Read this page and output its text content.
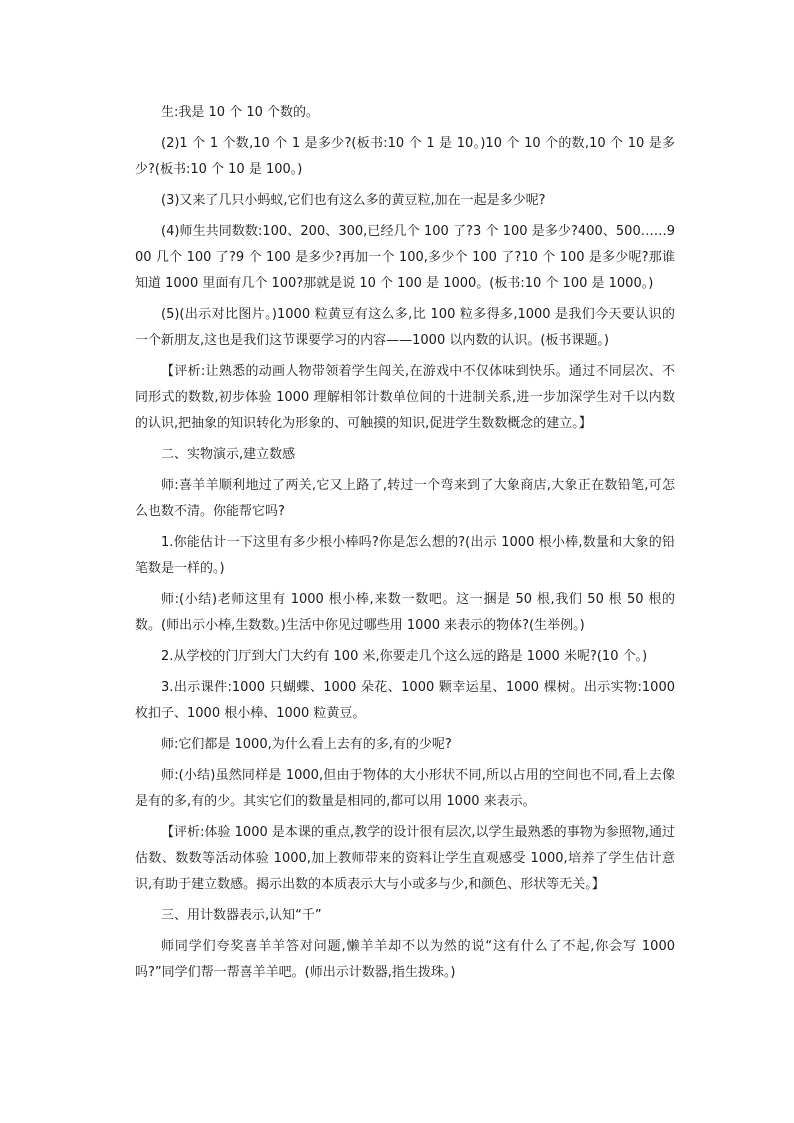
生:我是 10 个 10 个数的。

(2)1 个 1 个数,10 个 1 是多少?(板书:10 个 1 是 10。)10 个 10 个的数,10 个 10 是多少?(板书:10 个 10 是 100。)

(3)又来了几只小蚂蚁,它们也有这么多的黄豆粒,加在一起是多少呢?

(4)师生共同数数:100、200、300,已经几个 100 了?3 个 100 是多少?400、500……900 几个 100 了?9 个 100 是多少?再加一个 100,多少个 100 了?10 个 100 是多少呢?那谁知道 1000 里面有几个 100?那就是说 10 个 100 是 1000。(板书:10 个 100 是 1000。)

(5)(出示对比图片。)1000 粒黄豆有这么多,比 100 粒多得多,1000 是我们今天要认识的一个新朋友,这也是我们这节课要学习的内容——1000 以内数的认识。(板书课题。)

【评析:让熟悉的动画人物带领着学生闯关,在游戏中不仅体味到快乐。通过不同层次、不同形式的数数,初步体验 1000 理解相邻计数单位间的十进制关系,进一步加深学生对千以内数的认识,把抽象的知识转化为形象的、可触摸的知识,促进学生数数概念的建立。】

二、实物演示,建立数感

师:喜羊羊顺利地过了两关,它又上路了,转过一个弯来到了大象商店,大象正在数铅笔,可怎么也数不清。你能帮它吗?

1.你能估计一下这里有多少根小棒吗?你是怎么想的?(出示 1000 根小棒,数量和大象的铅笔数是一样的。)

师:(小结)老师这里有 1000 根小棒,来数一数吧。这一捆是 50 根,我们 50 根 50 根的数。(师出示小棒,生数数。)生活中你见过哪些用 1000 来表示的物体?(生举例。)

2.从学校的门厅到大门大约有 100 米,你要走几个这么远的路是 1000 米呢?(10 个。)

3.出示课件:1000 只蝴蝶、1000 朵花、1000 颗幸运星、1000 棵树。出示实物:1000 枚扣子、1000 根小棒、1000 粒黄豆。

师:它们都是 1000,为什么看上去有的多,有的少呢?

师:(小结)虽然同样是 1000,但由于物体的大小形状不同,所以占用的空间也不同,看上去像是有的多,有的少。其实它们的数量是相同的,都可以用 1000 来表示。

【评析:体验 1000 是本课的重点,教学的设计很有层次,以学生最熟悉的事物为参照物,通过估数、数数等活动体验 1000,加上教师带来的资料让学生直观感受 1000,培养了学生估计意识,有助于建立数感。揭示出数的本质表示大与小或多与少,和颜色、形状等无关。】

三、用计数器表示,认知“千”

师同学们夸奖喜羊羊答对问题,懒羊羊却不以为然的说“这有什么了不起,你会写 1000 吗?”同学们帮一帮喜羊羊吧。(师出示计数器,指生拨珠。)
